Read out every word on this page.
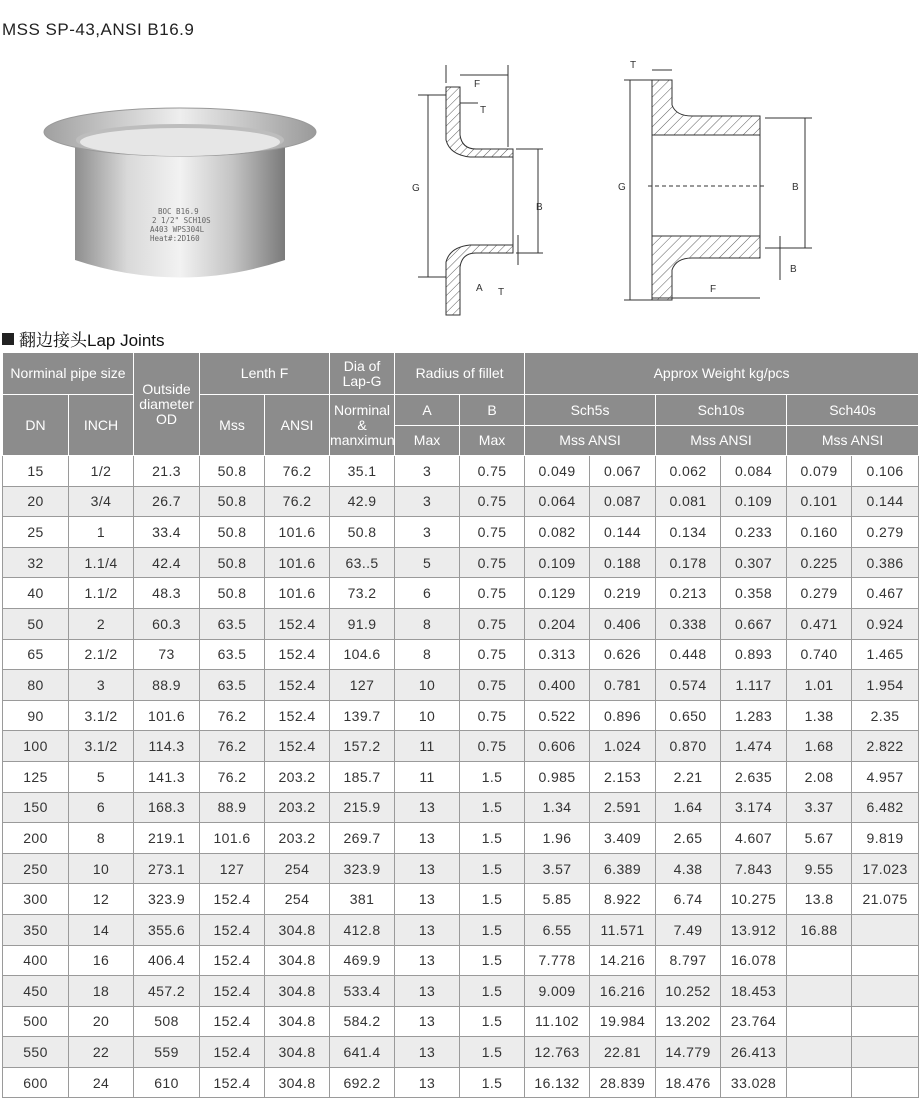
MSS SP-43,ANSI B16.9
BOC B16.9
2 1/2" SCH10S
A403 WPS304L
Heat#:2D160
F
T
G
B
A T
T
G	B
B
F
翻边接头Lap Joints
Norminal pipe size		Outside diameter OD	Lenth F		Dia of Lap-G	Radius of fillet		Approx Weight kg/pcs					
DN	INCH		Mss	ANSI	Norminal & manximun	A	B	Sch5s		Sch10s		Sch40s	
						Max	Max	Mss ANSI		Mss ANSI		Mss ANSI	
15	1/2	21.3	50.8	76.2	35.1	3	0.75	0.049	0.067	0.062	0.084	0.079	0.106
20	3/4	26.7	50.8	76.2	42.9	3	0.75	0.064	0.087	0.081	0.109	0.101	0.144
25	1	33.4	50.8	101.6	50.8	3	0.75	0.082	0.144	0.134	0.233	0.160	0.279
32	1.1/4	42.4	50.8	101.6	63..5	5	0.75	0.109	0.188	0.178	0.307	0.225	0.386
40	1.1/2	48.3	50.8	101.6	73.2	6	0.75	0.129	0.219	0.213	0.358	0.279	0.467
50	2	60.3	63.5	152.4	91.9	8	0.75	0.204	0.406	0.338	0.667	0.471	0.924
65	2.1/2	73	63.5	152.4	104.6	8	0.75	0.313	0.626	0.448	0.893	0.740	1.465
80	3	88.9	63.5	152.4	127	10	0.75	0.400	0.781	0.574	1.117	1.01	1.954
90	3.1/2	101.6	76.2	152.4	139.7	10	0.75	0.522	0.896	0.650	1.283	1.38	2.35
100	3.1/2	114.3	76.2	152.4	157.2	11	0.75	0.606	1.024	0.870	1.474	1.68	2.822
125	5	141.3	76.2	203.2	185.7	11	1.5	0.985	2.153	2.21	2.635	2.08	4.957
150	6	168.3	88.9	203.2	215.9	13	1.5	1.34	2.591	1.64	3.174	3.37	6.482
200	8	219.1	101.6	203.2	269.7	13	1.5	1.96	3.409	2.65	4.607	5.67	9.819
250	10	273.1	127	254	323.9	13	1.5	3.57	6.389	4.38	7.843	9.55	17.023
300	12	323.9	152.4	254	381	13	1.5	5.85	8.922	6.74	10.275	13.8	21.075
350	14	355.6	152.4	304.8	412.8	13	1.5	6.55	11.571	7.49	13.912	16.88	
400	16	406.4	152.4	304.8	469.9	13	1.5	7.778	14.216	8.797	16.078		
450	18	457.2	152.4	304.8	533.4	13	1.5	9.009	16.216	10.252	18.453		
500	20	508	152.4	304.8	584.2	13	1.5	11.102	19.984	13.202	23.764		
550	22	559	152.4	304.8	641.4	13	1.5	12.763	22.81	14.779	26.413		
600	24	610	152.4	304.8	692.2	13	1.5	16.132	28.839	18.476	33.028		
